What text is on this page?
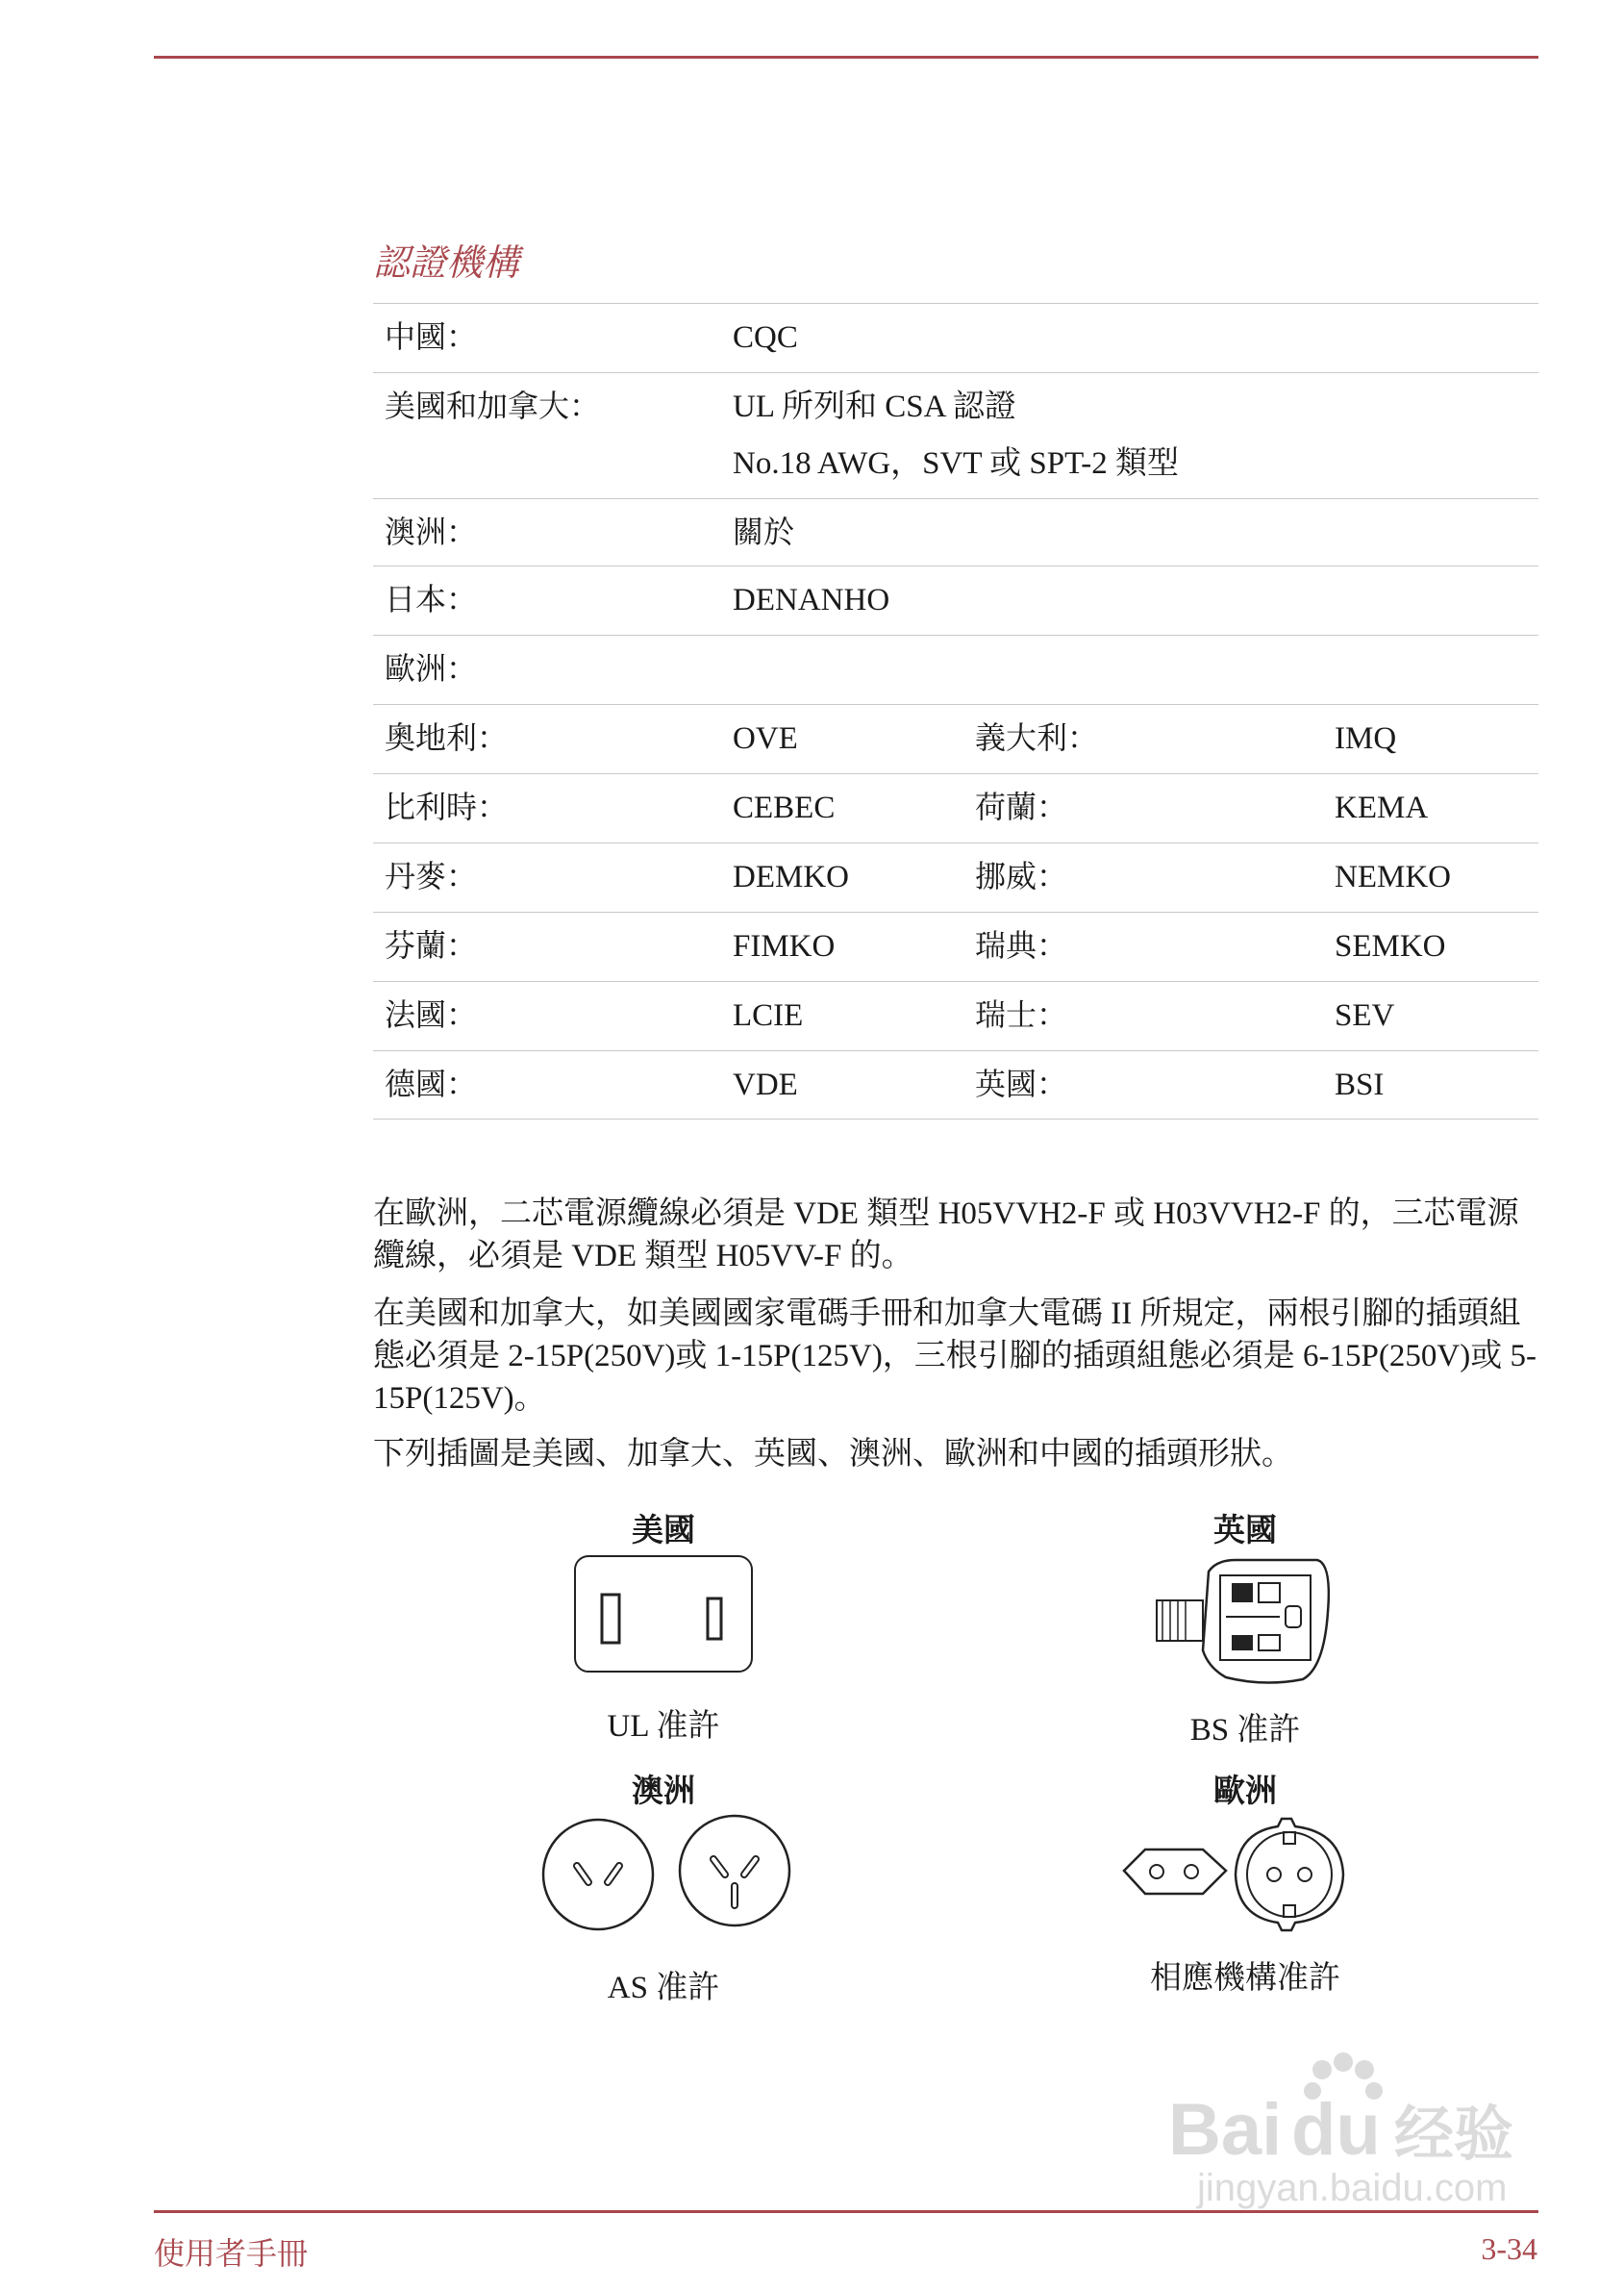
認證機構
中國：	CQC		
美國和加拿大：	UL 所列和 CSA 認證
No.18 AWG，SVT 或 SPT-2 類型		

澳洲：	關於		
日本：	DENANHO		
歐洲：			
奧地利：	OVE	義大利：	IMQ
比利時：	CEBEC	荷蘭：	KEMA
丹麥：	DEMKO	挪威：	NEMKO
芬蘭：	FIMKO	瑞典：	SEMKO
法國：	LCIE	瑞士：	SEV
德國：	VDE	英國：	BSI
在歐洲，二芯電源纜線必須是 VDE 類型 H05VVH2-F 或 H03VVH2-F 的，三芯電源纜線，必須是 VDE 類型 H05VV-F 的。
在美國和加拿大，如美國國家電碼手冊和加拿大電碼 II 所規定，兩根引腳的插頭組態必須是 2-15P(250V)或 1-15P(125V)，三根引腳的插頭組態必須是 6-15P(250V)或 5-15P(125V)。
下列插圖是美國、加拿大、英國、澳洲、歐洲和中國的插頭形狀。
美國
UL 准許
英國
BS 准許
澳洲
AS 准許
歐洲
相應機構准許
Bai du 经验
jingyan.baidu.com
使用者手冊	3-34
